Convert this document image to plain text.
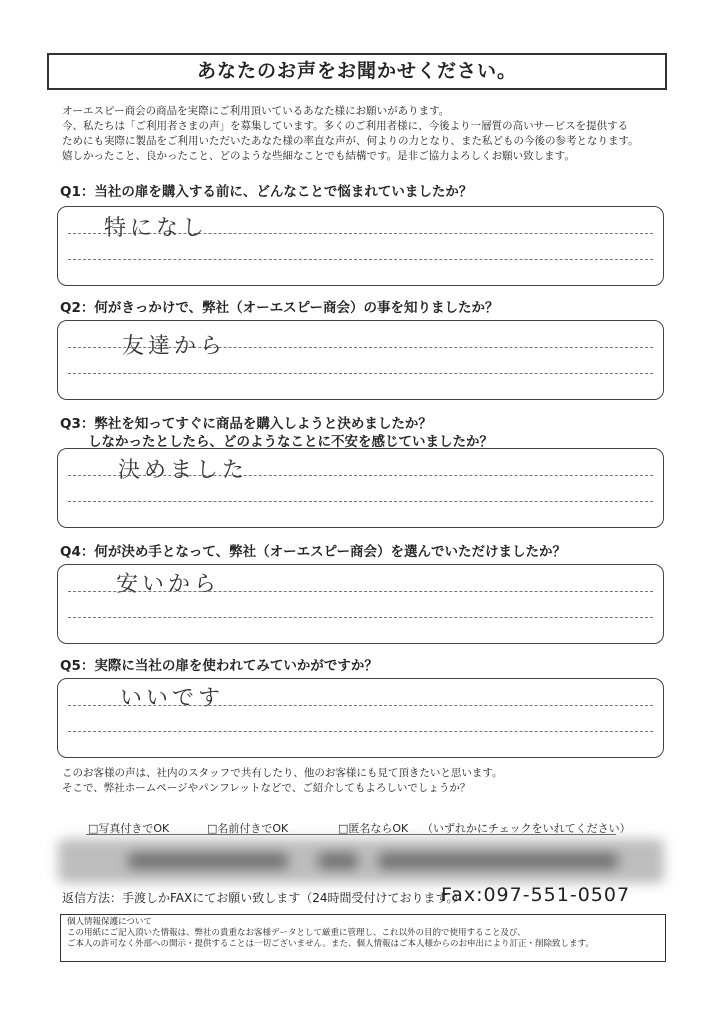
あなたのお声をお聞かせください。
オーエスピー商会の商品を実際にご利用頂いているあなた様にお願いがあります。
今、私たちは「ご利用者さまの声」を募集しています。多くのご利用者様に、今後より一層質の高いサービスを提供する
ためにも実際に製品をご利用いただいたあなた様の率直な声が、何よりの力となり、また私どもの今後の参考となります。
嬉しかったこと、良かったこと、どのような些細なことでも結構です。是非ご協力よろしくお願い致します。
Q1：当社の扉を購入する前に、どんなことで悩まれていましたか？
特になし
Q2：何がきっかけで、弊社（オーエスピー商会）の事を知りましたか？
友達から
Q3：弊社を知ってすぐに商品を購入しようと決めましたか？
しなかったとしたら、どのようなことに不安を感じていましたか？
決めました
Q4：何が決め手となって、弊社（オーエスピー商会）を選んでいただけましたか？
安いから
Q5：実際に当社の扉を使われてみていかがですか？
いいです
このお客様の声は、社内のスタッフで共有したり、他のお客様にも見て頂きたいと思います。
そこで、弊社ホームページやパンフレットなどで、ご紹介してもよろしいでしょうか？
□写真付きでOK	□名前付きでOK	□匿名ならOK （いずれかにチェックをいれてください）
返信方法：手渡しかFAXにてお願い致します（24時間受付けております。）
Fax:097-551-0507
個人情報保護について
この用紙にご記入頂いた情報は、弊社の貴重なお客様データとして厳重に管理し、これ以外の目的で使用すること及び、
ご本人の許可なく外部への開示・提供することは一切ございません。また、個人情報はご本人様からのお申出により訂正・削除致します。
